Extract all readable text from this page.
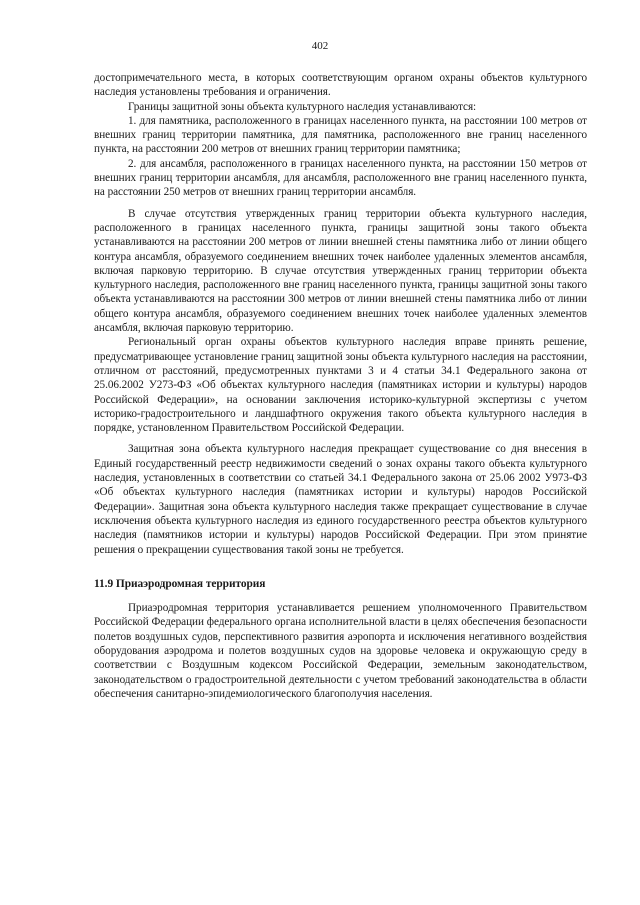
402

достопримечательного места, в которых соответствующим органом охраны объектов культурного наследия установлены требования и ограничения.

Границы защитной зоны объекта культурного наследия устанавливаются:

1. для памятника, расположенного в границах населенного пункта, на расстоянии 100 метров от внешних границ территории памятника, для памятника, расположенного вне границ населенного пункта, на расстоянии 200 метров от внешних границ территории памятника;

2. для ансамбля, расположенного в границах населенного пункта, на расстоянии 150 метров от внешних границ территории ансамбля, для ансамбля, расположенного вне границ населенного пункта, на расстоянии 250 метров от внешних границ территории ансамбля.

В случае отсутствия утвержденных границ территории объекта культурного наследия, расположенного в границах населенного пункта, границы защитной зоны такого объекта устанавливаются на расстоянии 200 метров от линии внешней стены памятника либо от линии общего контура ансамбля, образуемого соединением внешних точек наиболее удаленных элементов ансамбля, включая парковую территорию. В случае отсутствия утвержденных границ территории объекта культурного наследия, расположенного вне границ населенного пункта, границы защитной зоны такого объекта устанавливаются на расстоянии 300 метров от линии внешней стены памятника либо от линии общего контура ансамбля, образуемого соединением внешних точек наиболее удаленных элементов ансамбля, включая парковую территорию.

Региональный орган охраны объектов культурного наследия вправе принять решение, предусматривающее установление границ защитной зоны объекта культурного наследия на расстоянии, отличном от расстояний, предусмотренных пунктами 3 и 4 статьи 34.1 Федерального закона от 25.06.2002 У273-ФЗ «Об объектах культурного наследия (памятниках истории и культуры) народов Российской Федерации», на основании заключения историко-культурной экспертизы с учетом историко-градостроительного и ландшафтного окружения такого объекта культурного наследия в порядке, установленном Правительством Российской Федерации.

Защитная зона объекта культурного наследия прекращает существование со дня внесения в Единый государственный реестр недвижимости сведений о зонах охраны такого объекта культурного наследия, установленных в соответствии со статьей 34.1 Федерального закона от 25.06 2002 У973-ФЗ «Об объектах культурного наследия (памятниках истории и культуры) народов Российской Федерации». Защитная зона объекта культурного наследия также прекращает существование в случае исключения объекта культурного наследия из единого государственного реестра объектов культурного наследия (памятников истории и культуры) народов Российской Федерации. При этом принятие решения о прекращении существования такой зоны не требуется.

11.9 Приаэродромная территория

Приаэродромная территория устанавливается решением уполномоченного Правительством Российской Федерации федерального органа исполнительной власти в целях обеспечения безопасности полетов воздушных судов, перспективного развития аэропорта и исключения негативного воздействия оборудования аэродрома и полетов воздушных судов на здоровье человека и окружающую среду в соответствии с Воздушным кодексом Российской Федерации, земельным законодательством, законодательством о градостроительной деятельности с учетом требований законодательства в области обеспечения санитарно-эпидемиологического благополучия населения.
